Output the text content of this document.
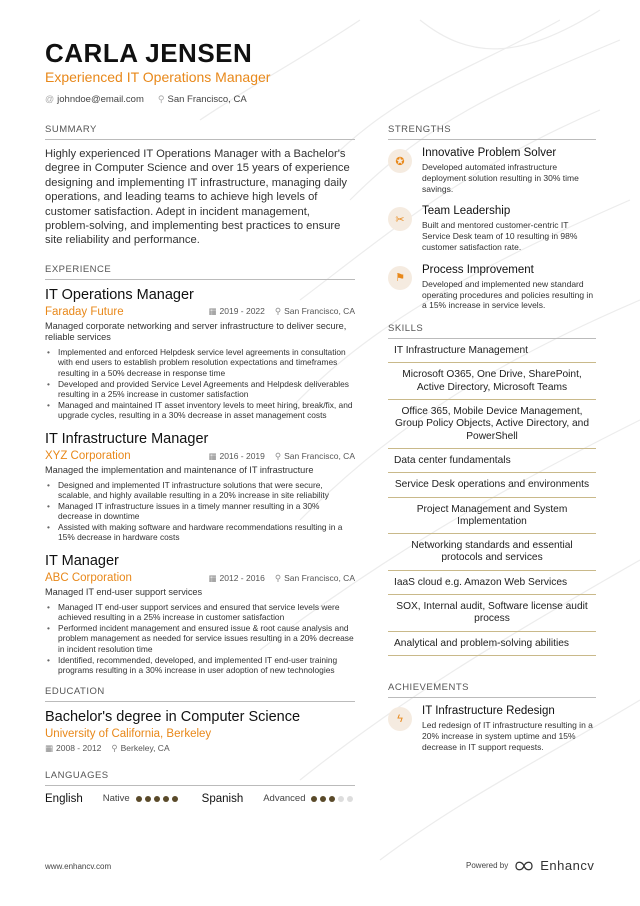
CARLA JENSEN
Experienced IT Operations Manager
@ johndoe@email.com ⚲ San Francisco, CA
SUMMARY
Highly experienced IT Operations Manager with a Bachelor's degree in Computer Science and over 15 years of experience designing and implementing IT infrastructure, managing daily operations, and leading teams to achieve high levels of customer satisfaction. Adept in incident management, problem-solving, and implementing best practices to ensure site reliability and performance.
EXPERIENCE
IT Operations Manager
Faraday Future	▦ 2019 - 2022 ⚲ San Francisco, CA
Managed corporate networking and server infrastructure to deliver secure, reliable services
• Implemented and enforced Helpdesk service level agreements in consultation with end users to establish problem resolution expectations and timeframes resulting in a 50% decrease in response time
• Developed and provided Service Level Agreements and Helpdesk deliverables resulting in a 25% increase in customer satisfaction
• Managed and maintained IT asset inventory levels to meet hiring, break/fix, and upgrade cycles, resulting in a 30% decrease in asset management costs
IT Infrastructure Manager
XYZ Corporation	▦ 2016 - 2019 ⚲ San Francisco, CA
Managed the implementation and maintenance of IT infrastructure
• Designed and implemented IT infrastructure solutions that were secure, scalable, and highly available resulting in a 20% increase in site reliability
• Managed IT infrastructure issues in a timely manner resulting in a 30% decrease in downtime
• Assisted with making software and hardware recommendations resulting in a 15% decrease in hardware costs
IT Manager
ABC Corporation	▦ 2012 - 2016 ⚲ San Francisco, CA
Managed IT end-user support services
• Managed IT end-user support services and ensured that service levels were achieved resulting in a 25% increase in customer satisfaction
• Performed incident management and ensured issue & root cause analysis and problem management as needed for service issues resulting in a 20% decrease in incident resolution time
• Identified, recommended, developed, and implemented IT end-user training programs resulting in a 30% increase in user adoption of new technologies
EDUCATION
Bachelor's degree in Computer Science
University of California, Berkeley
▦ 2008 - 2012 ⚲ Berkeley, CA
LANGUAGES
English Native	Spanish Advanced
STRENGTHS
✪
Innovative Problem Solver
Developed automated infrastructure deployment solution resulting in 30% time savings.
✂
Team Leadership
Built and mentored customer-centric IT Service Desk team of 10 resulting in 98% customer satisfaction rate.
⚑
Process Improvement
Developed and implemented new standard operating procedures and policies resulting in a 15% increase in service levels.
SKILLS
IT Infrastructure Management
Microsoft O365, One Drive, SharePoint, Active Directory, Microsoft Teams
Office 365, Mobile Device Management, Group Policy Objects, Active Directory, and PowerShell
Data center fundamentals
Service Desk operations and environments
Project Management and System Implementation
Networking standards and essential protocols and services
IaaS cloud e.g. Amazon Web Services
SOX, Internal audit, Software license audit process
Analytical and problem-solving abilities
ACHIEVEMENTS
ϟ
IT Infrastructure Redesign
Led redesign of IT infrastructure resulting in a 20% increase in system uptime and 15% decrease in IT support requests.
www.enhancv.com	Powered by Enhancv
